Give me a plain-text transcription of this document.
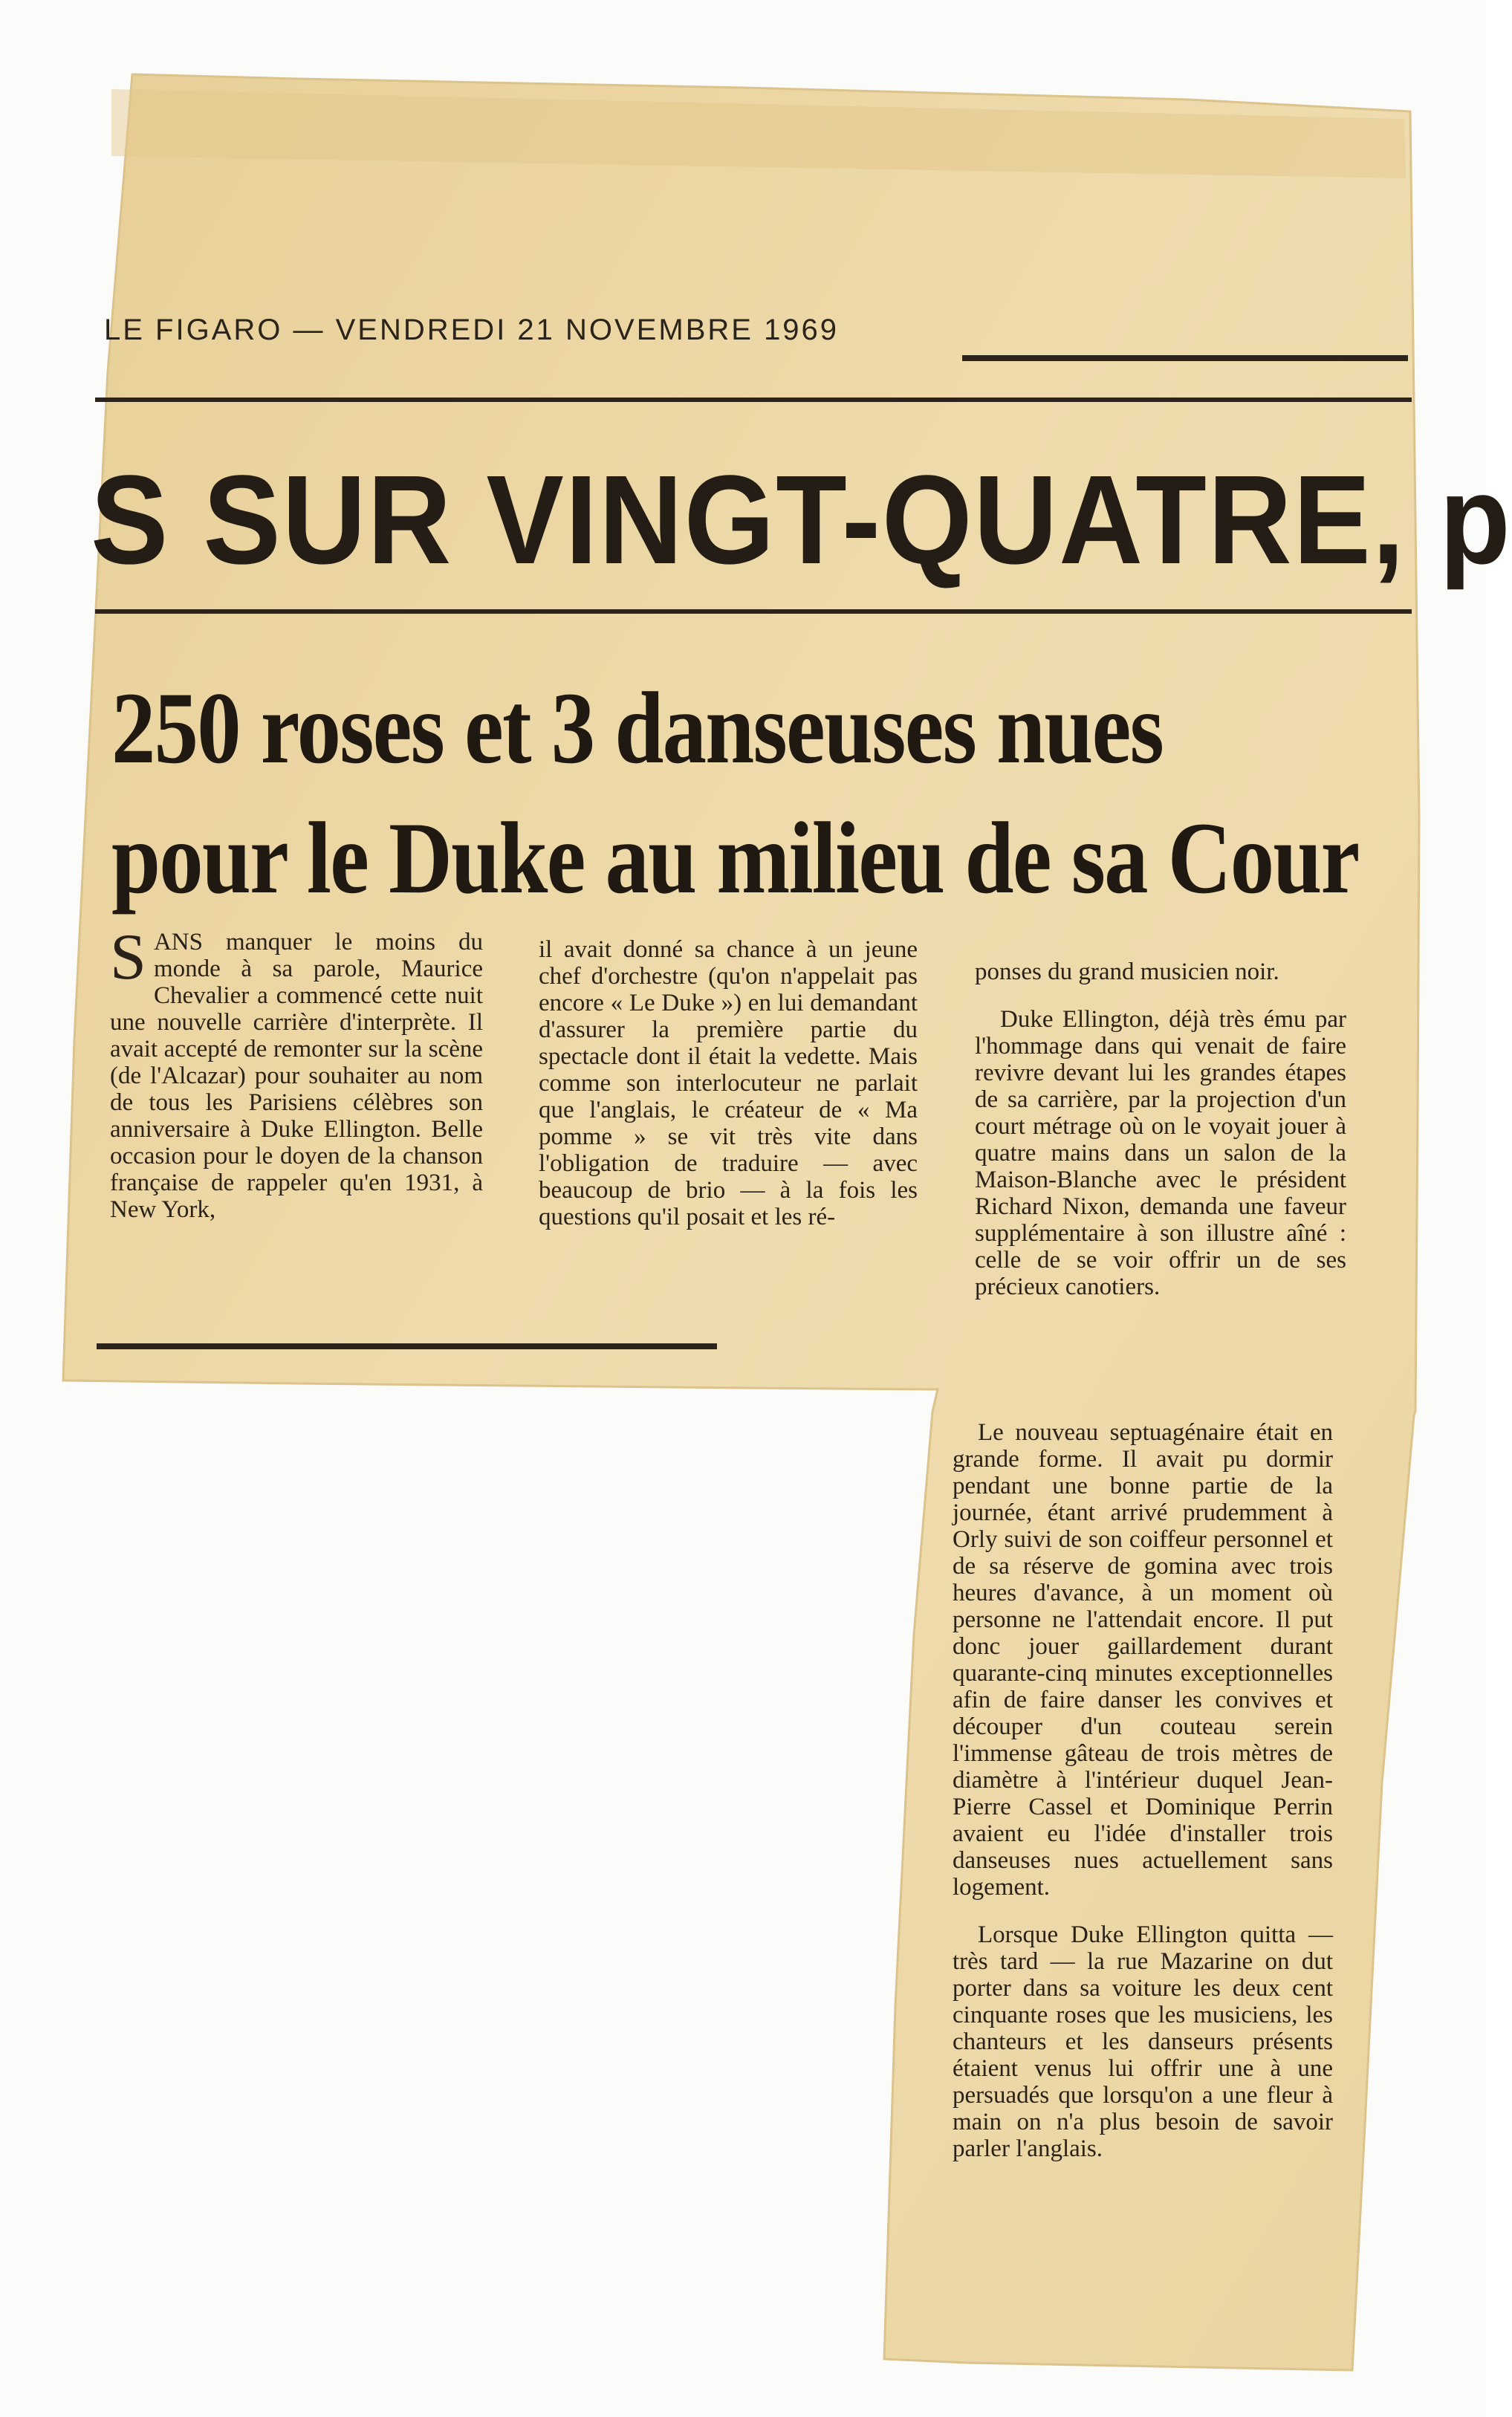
LE FIGARO — VENDREDI 21 NOVEMBRE 1969
S SUR VINGT-QUATRE, p
250 roses et 3 danseuses nues
pour le Duke au milieu de sa Cour
S ANS manquer le moins du monde à sa parole, Maurice Chevalier a commencé cette nuit une nouvelle carrière d'interprète. Il avait accepté de remonter sur la scène (de l'Alcazar) pour souhaiter au nom de tous les Parisiens célèbres son anniversaire à Duke Ellington. Belle occasion pour le doyen de la chanson française de rappeler qu'en 1931, à New York,
il avait donné sa chance à un jeune chef d'orchestre (qu'on n'appelait pas encore « Le Duke ») en lui demandant d'assurer la première partie du spectacle dont il était la vedette. Mais comme son interlocuteur ne parlait que l'anglais, le créateur de « Ma pomme » se vit très vite dans l'obligation de traduire — avec beaucoup de brio — à la fois les questions qu'il posait et les ré-

ponses du grand musicien noir.

Duke Ellington, déjà très ému par l'hommage dans qui venait de faire revivre devant lui les grandes étapes de sa carrière, par la projection d'un court métrage où on le voyait jouer à quatre mains dans un salon de la Maison-Blanche avec le président Richard Nixon, demanda une faveur supplémentaire à son illustre aîné : celle de se voir offrir un de ses précieux canotiers.

Le nouveau septuagénaire était en grande forme. Il avait pu dormir pendant une bonne partie de la journée, étant arrivé prudemment à Orly suivi de son coiffeur personnel et de sa réserve de gomina avec trois heures d'avance, à un moment où personne ne l'attendait encore. Il put donc jouer gaillardement durant quarante-cinq minutes exceptionnelles afin de faire danser les convives et découper d'un couteau serein l'immense gâteau de trois mètres de diamètre à l'intérieur duquel Jean-Pierre Cassel et Dominique Perrin avaient eu l'idée d'installer trois danseuses nues actuellement sans logement.

Lorsque Duke Ellington quitta — très tard — la rue Mazarine on dut porter dans sa voiture les deux cent cinquante roses que les musiciens, les chanteurs et les danseurs présents étaient venus lui offrir une à une persuadés que lorsqu'on a une fleur à main on n'a plus besoin de savoir parler l'anglais.
